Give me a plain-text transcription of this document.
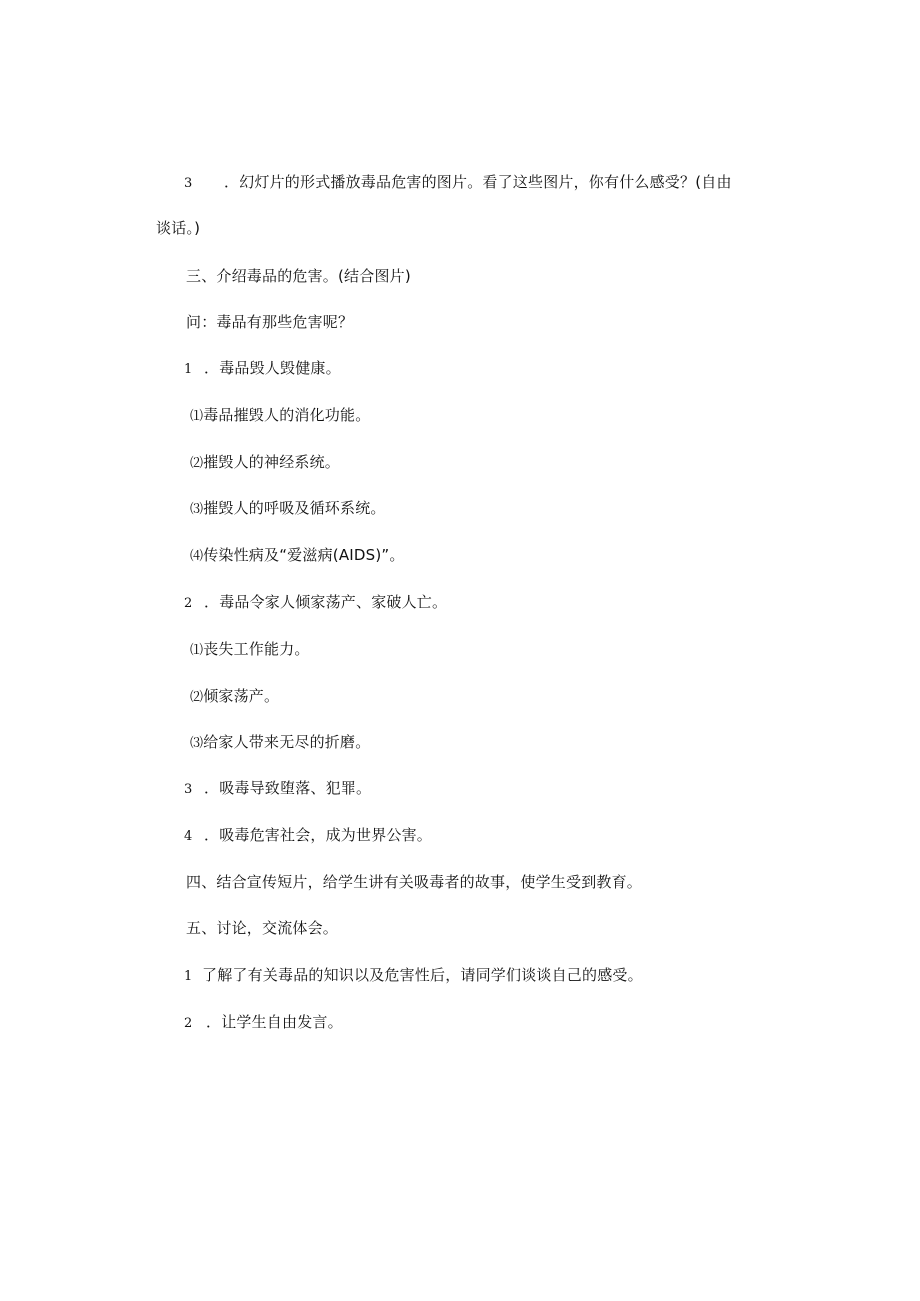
3 ．幻灯片的形式播放毒品危害的图片。看了这些图片，你有什么感受？(自由
谈话。)
三、介绍毒品的危害。(结合图片)
问：毒品有那些危害呢？
1 ．毒品毁人毁健康。
⑴毒品摧毁人的消化功能。
⑵摧毁人的神经系统。
⑶摧毁人的呼吸及循环系统。
⑷传染性病及“爱滋病(AIDS)”。
2 ．毒品令家人倾家荡产、家破人亡。
⑴丧失工作能力。
⑵倾家荡产。
⑶给家人带来无尽的折磨。
3 ．吸毒导致堕落、犯罪。
4 ．吸毒危害社会，成为世界公害。
四、结合宣传短片，给学生讲有关吸毒者的故事，使学生受到教育。
五、讨论，交流体会。
1 了解了有关毒品的知识以及危害性后，请同学们谈谈自己的感受。
2 ．让学生自由发言。
